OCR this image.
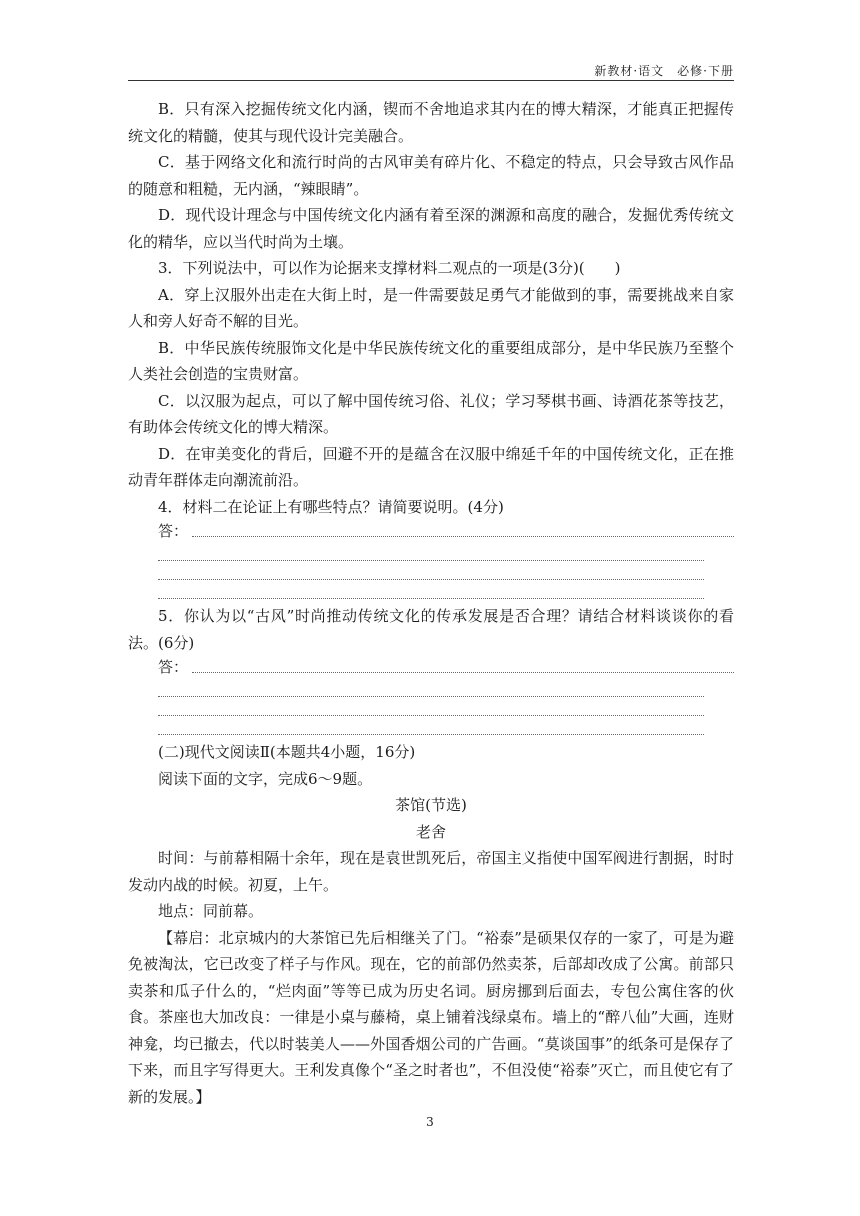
新教材·语文　必修·下册

B．只有深入挖掘传统文化内涵，锲而不舍地追求其内在的博大精深，才能真正把握传统文化的精髓，使其与现代设计完美融合。

C．基于网络文化和流行时尚的古风审美有碎片化、不稳定的特点，只会导致古风作品的随意和粗糙，无内涵，“辣眼睛”。

D．现代设计理念与中国传统文化内涵有着至深的渊源和高度的融合，发掘优秀传统文化的精华，应以当代时尚为土壤。

3．下列说法中，可以作为论据来支撑材料二观点的一项是(3分)(　　)

A．穿上汉服外出走在大街上时，是一件需要鼓足勇气才能做到的事，需要挑战来自家人和旁人好奇不解的目光。

B．中华民族传统服饰文化是中华民族传统文化的重要组成部分，是中华民族乃至整个人类社会创造的宝贵财富。

C．以汉服为起点，可以了解中国传统习俗、礼仪；学习琴棋书画、诗酒花茶等技艺，有助体会传统文化的博大精深。

D．在审美变化的背后，回避不开的是蕴含在汉服中绵延千年的中国传统文化，正在推动青年群体走向潮流前沿。

4．材料二在论证上有哪些特点？请简要说明。(4分)

答：

5．你认为以“古风”时尚推动传统文化的传承发展是否合理？请结合材料谈谈你的看法。(6分)

答：

(二)现代文阅读Ⅱ(本题共4小题，16分)

阅读下面的文字，完成6～9题。

茶馆(节选)

老舍

时间：与前幕相隔十余年，现在是袁世凯死后，帝国主义指使中国军阀进行割据，时时发动内战的时候。初夏，上午。

地点：同前幕。

【幕启：北京城内的大茶馆已先后相继关了门。“裕泰”是硕果仅存的一家了，可是为避免被淘汰，它已改变了样子与作风。现在，它的前部仍然卖茶，后部却改成了公寓。前部只卖茶和瓜子什么的，“烂肉面”等等已成为历史名词。厨房挪到后面去，专包公寓住客的伙食。茶座也大加改良：一律是小桌与藤椅，桌上铺着浅绿桌布。墙上的“醉八仙”大画，连财神龛，均已撤去，代以时装美人——外国香烟公司的广告画。“莫谈国事”的纸条可是保存了下来，而且字写得更大。王利发真像个“圣之时者也”，不但没使“裕泰”灭亡，而且使它有了新的发展。】

3
